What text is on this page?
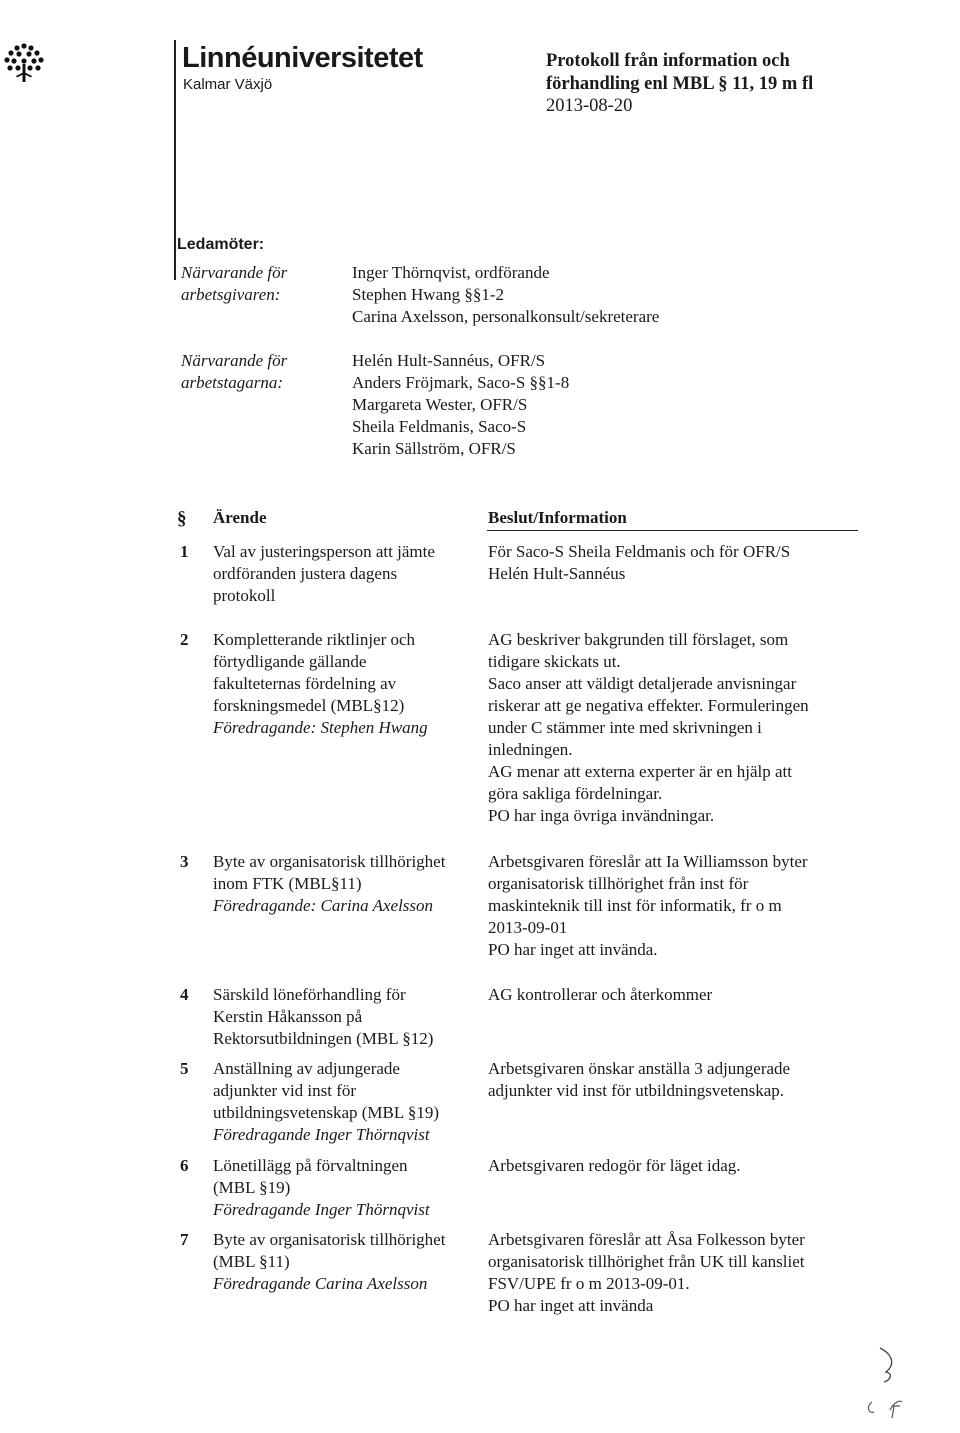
Linnéuniversitetet
Kalmar Växjö
Protokoll från information och
förhandling enl MBL § 11, 19 m fl
2013-08-20
Ledamöter:
Närvarande för
arbetsgivaren:
Inger Thörnqvist, ordförande
Stephen Hwang §§1-2
Carina Axelsson, personalkonsult/sekreterare
Närvarande för
arbetstagarna:
Helén Hult-Sannéus, OFR/S
Anders Fröjmark, Saco-S §§1-8
Margareta Wester, OFR/S
Sheila Feldmanis, Saco-S
Karin Sällström, OFR/S
§ Ärende	Beslut/Information
1 Val av justeringsperson att jämte
ordföranden justera dagens
protokoll
För Saco-S Sheila Feldmanis och för OFR/S
Helén Hult-Sannéus
2 Kompletterande riktlinjer och
förtydligande gällande
fakulteternas fördelning av
forskningsmedel (MBL§12)
Föredragande: Stephen Hwang
AG beskriver bakgrunden till förslaget, som
tidigare skickats ut.
Saco anser att väldigt detaljerade anvisningar
riskerar att ge negativa effekter. Formuleringen
under C stämmer inte med skrivningen i
inledningen.
AG menar att externa experter är en hjälp att
göra sakliga fördelningar.
PO har inga övriga invändningar.
3 Byte av organisatorisk tillhörighet
inom FTK (MBL§11)
Föredragande: Carina Axelsson
Arbetsgivaren föreslår att Ia Williamsson byter
organisatorisk tillhörighet från inst för
maskinteknik till inst för informatik, fr o m
2013-09-01
PO har inget att invända.
4 Särskild löneförhandling för
Kerstin Håkansson på
Rektorsutbildningen (MBL §12)
AG kontrollerar och återkommer
5 Anställning av adjungerade
adjunkter vid inst för
utbildningsvetenskap (MBL §19)
Föredragande Inger Thörnqvist
Arbetsgivaren önskar anställa 3 adjungerade
adjunkter vid inst för utbildningsvetenskap.
6 Lönetillägg på förvaltningen
(MBL §19)
Föredragande Inger Thörnqvist
Arbetsgivaren redogör för läget idag.
7 Byte av organisatorisk tillhörighet
(MBL §11)
Föredragande Carina Axelsson
Arbetsgivaren föreslår att Åsa Folkesson byter
organisatorisk tillhörighet från UK till kansliet
FSV/UPE fr o m 2013-09-01.
PO har inget att invända
